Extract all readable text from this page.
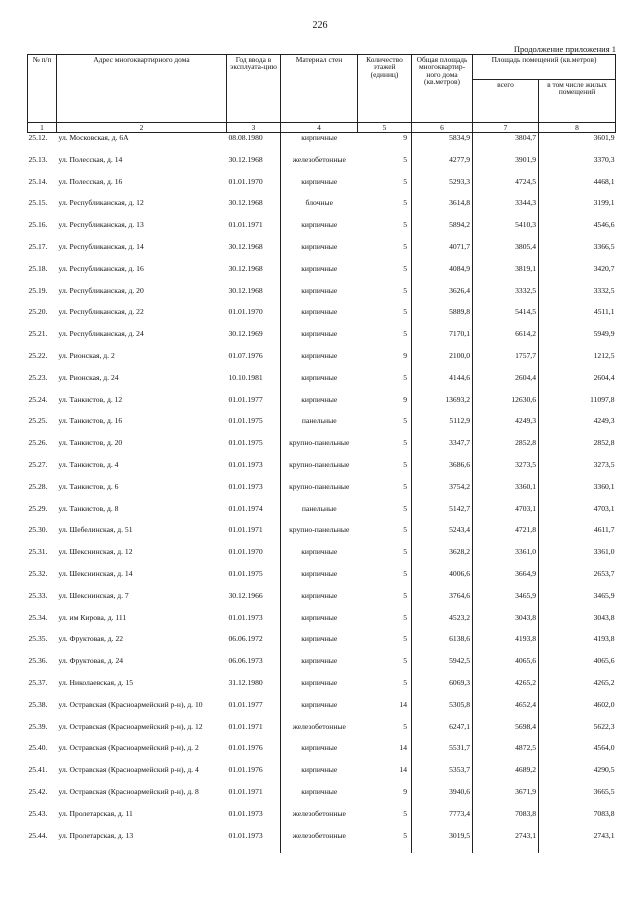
226
Продолжение приложения 1
№ п/п	Адрес многоквартирного дома	Год ввода в эксплуата-цию	Материал стен	Количество этажей (единиц)	Общая площадь многоквартир-ного дома (кв.метров)	Площадь помещений (кв.метров)	
						всего	в том числе жилых помещений
1	2	3	4	5	6	7	8
25.12.	ул. Московская, д. 6А	08.08.1980	кирпичные	9	5834,9	3804,7	3601,9
25.13.	ул. Полесская, д. 14	30.12.1968	железобетонные	5	4277,9	3901,9	3370,3
25.14.	ул. Полесская, д. 16	01.01.1970	кирпичные	5	5293,3	4724,5	4468,1
25.15.	ул. Республиканская, д. 12	30.12.1968	блочные	5	3614,8	3344,3	3199,1
25.16.	ул. Республиканская, д. 13	01.01.1971	кирпичные	5	5894,2	5410,3	4546,6
25.17.	ул. Республиканская, д. 14	30.12.1968	кирпичные	5	4071,7	3805,4	3366,5
25.18.	ул. Республиканская, д. 16	30.12.1968	кирпичные	5	4084,9	3819,1	3420,7
25.19.	ул. Республиканская, д. 20	30.12.1968	кирпичные	5	3626,4	3332,5	3332,5
25.20.	ул. Республиканская, д. 22	01.01.1970	кирпичные	5	5889,8	5414,5	4511,1
25.21.	ул. Республиканская, д. 24	30.12.1969	кирпичные	5	7170,1	6614,2	5949,9
25.22.	ул. Рионская, д. 2	01.07.1976	кирпичные	9	2100,0	1757,7	1212,5
25.23.	ул. Рионская, д. 24	10.10.1981	кирпичные	5	4144,6	2604,4	2604,4
25.24.	ул. Танкистов, д. 12	01.01.1977	кирпичные	9	13693,2	12630,6	11097,8
25.25.	ул. Танкистов, д. 16	01.01.1975	панельные	5	5112,9	4249,3	4249,3
25.26.	ул. Танкистов, д. 20	01.01.1975	крупно-панельные	5	3347,7	2852,8	2852,8
25.27.	ул. Танкистов, д. 4	01.01.1973	крупно-панельные	5	3686,6	3273,5	3273,5
25.28.	ул. Танкистов, д. 6	01.01.1973	крупно-панельные	5	3754,2	3360,1	3360,1
25.29.	ул. Танкистов, д. 8	01.01.1974	панельные	5	5142,7	4703,1	4703,1
25.30.	ул. Шебелинская, д. 51	01.01.1971	крупно-панельные	5	5243,4	4721,8	4611,7
25.31.	ул. Шекснинская, д. 12	01.01.1970	кирпичные	5	3628,2	3361,0	3361,0
25.32.	ул. Шекснинская, д. 14	01.01.1975	кирпичные	5	4006,6	3664,9	2653,7
25.33.	ул. Шекснинская, д. 7	30.12.1966	кирпичные	5	3764,6	3465,9	3465,9
25.34.	ул. им Кирова, д. 111	01.01.1973	кирпичные	5	4523,2	3043,8	3043,8
25.35.	ул. Фруктовая, д. 22	06.06.1972	кирпичные	5	6138,6	4193,8	4193,8
25.36.	ул. Фруктовая, д. 24	06.06.1973	кирпичные	5	5942,5	4065,6	4065,6
25.37.	ул. Николаевская, д. 15	31.12.1980	кирпичные	5	6069,3	4265,2	4265,2
25.38.	ул. Остравская (Красноармейский р-н), д. 10	01.01.1977	кирпичные	14	5305,8	4652,4	4602,0
25.39.	ул. Остравская (Красноармейский р-н), д. 12	01.01.1971	железобетонные	5	6247,1	5698,4	5622,3
25.40.	ул. Остравская (Красноармейский р-н), д. 2	01.01.1976	кирпичные	14	5531,7	4872,5	4564,0
25.41.	ул. Остравская (Красноармейский р-н), д. 4	01.01.1976	кирпичные	14	5353,7	4689,2	4290,5
25.42.	ул. Остравская (Красноармейский р-н), д. 8	01.01.1971	кирпичные	9	3940,6	3671,9	3665,5
25.43.	ул. Пролетарская, д. 11	01.01.1973	железобетонные	5	7773,4	7083,8	7083,8
25.44.	ул. Пролетарская, д. 13	01.01.1973	железобетонные	5	3019,5	2743,1	2743,1
